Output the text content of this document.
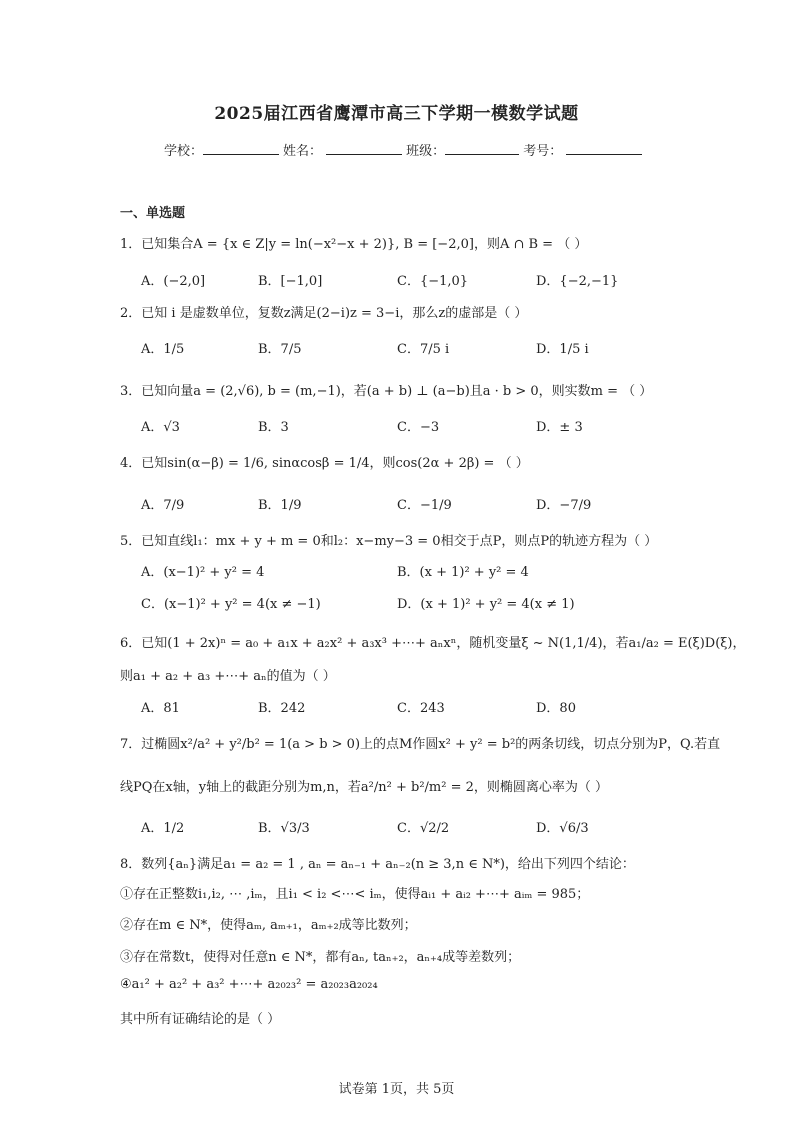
2025届江西省鹰潭市高三下学期一模数学试题
学校：	姓名：	班级：	考号：
一、单选题
1．已知集合A = {x ∈ Z|y = ln(−x²−x + 2)}, B = [−2,0]，则A ∩ B = （ ）
A．(−2,0]	B．[−1,0]	C．{−1,0}	D．{−2,−1}
2．已知 i 是虚数单位，复数z满足(2−i)z = 3−i，那么z的虚部是（ ）
A．1/5	B．7/5	C．7/5 i	D．1/5 i
3．已知向量a = (2,√6), b = (m,−1)，若(a + b) ⊥ (a−b)且a · b > 0，则实数m = （ ）
A．√3	B．3	C．−3	D．± 3
4．已知sin(α−β) = 1/6, sinαcosβ = 1/4，则cos(2α + 2β) = （ ）
A．7/9	B．1/9	C．−1/9	D．−7/9
5．已知直线l₁：mx + y + m = 0和l₂：x−my−3 = 0相交于点P，则点P的轨迹方程为（ ）
A．(x−1)² + y² = 4	B．(x + 1)² + y² = 4
C．(x−1)² + y² = 4(x ≠ −1)	D．(x + 1)² + y² = 4(x ≠ 1)
6．已知(1 + 2x)ⁿ = a₀ + a₁x + a₂x² + a₃x³ +⋯+ aₙxⁿ，随机变量ξ ~ N(1,1/4)，若a₁/a₂ = E(ξ)D(ξ)，
则a₁ + a₂ + a₃ +⋯+ aₙ的值为（ ）
A．81	B．242	C．243	D．80
7．过椭圆x²/a² + y²/b² = 1(a > b > 0)上的点M作圆x² + y² = b²的两条切线，切点分别为P，Q.若直
线PQ在x轴，y轴上的截距分别为m,n，若a²/n² + b²/m² = 2，则椭圆离心率为（ ）
A．1/2	B．√3/3	C．√2/2	D．√6/3
8．数列{aₙ}满足a₁ = a₂ = 1 , aₙ = aₙ₋₁ + aₙ₋₂(n ≥ 3,n ∈ N*)，给出下列四个结论：
①存在正整数i₁,i₂, ⋯ ,iₘ，且i₁ < i₂ <⋯< iₘ，使得aᵢ₁ + aᵢ₂ +⋯+ aᵢₘ = 985；
②存在m ∈ N*，使得aₘ, aₘ₊₁，aₘ₊₂成等比数列；
③存在常数t，使得对任意n ∈ N*，都有aₙ, taₙ₊₂，aₙ₊₄成等差数列；
④a₁² + a₂² + a₃² +⋯+ a₂₀₂₃² = a₂₀₂₃a₂₀₂₄
其中所有证确结论的是（ ）
试卷第 1页，共 5页
